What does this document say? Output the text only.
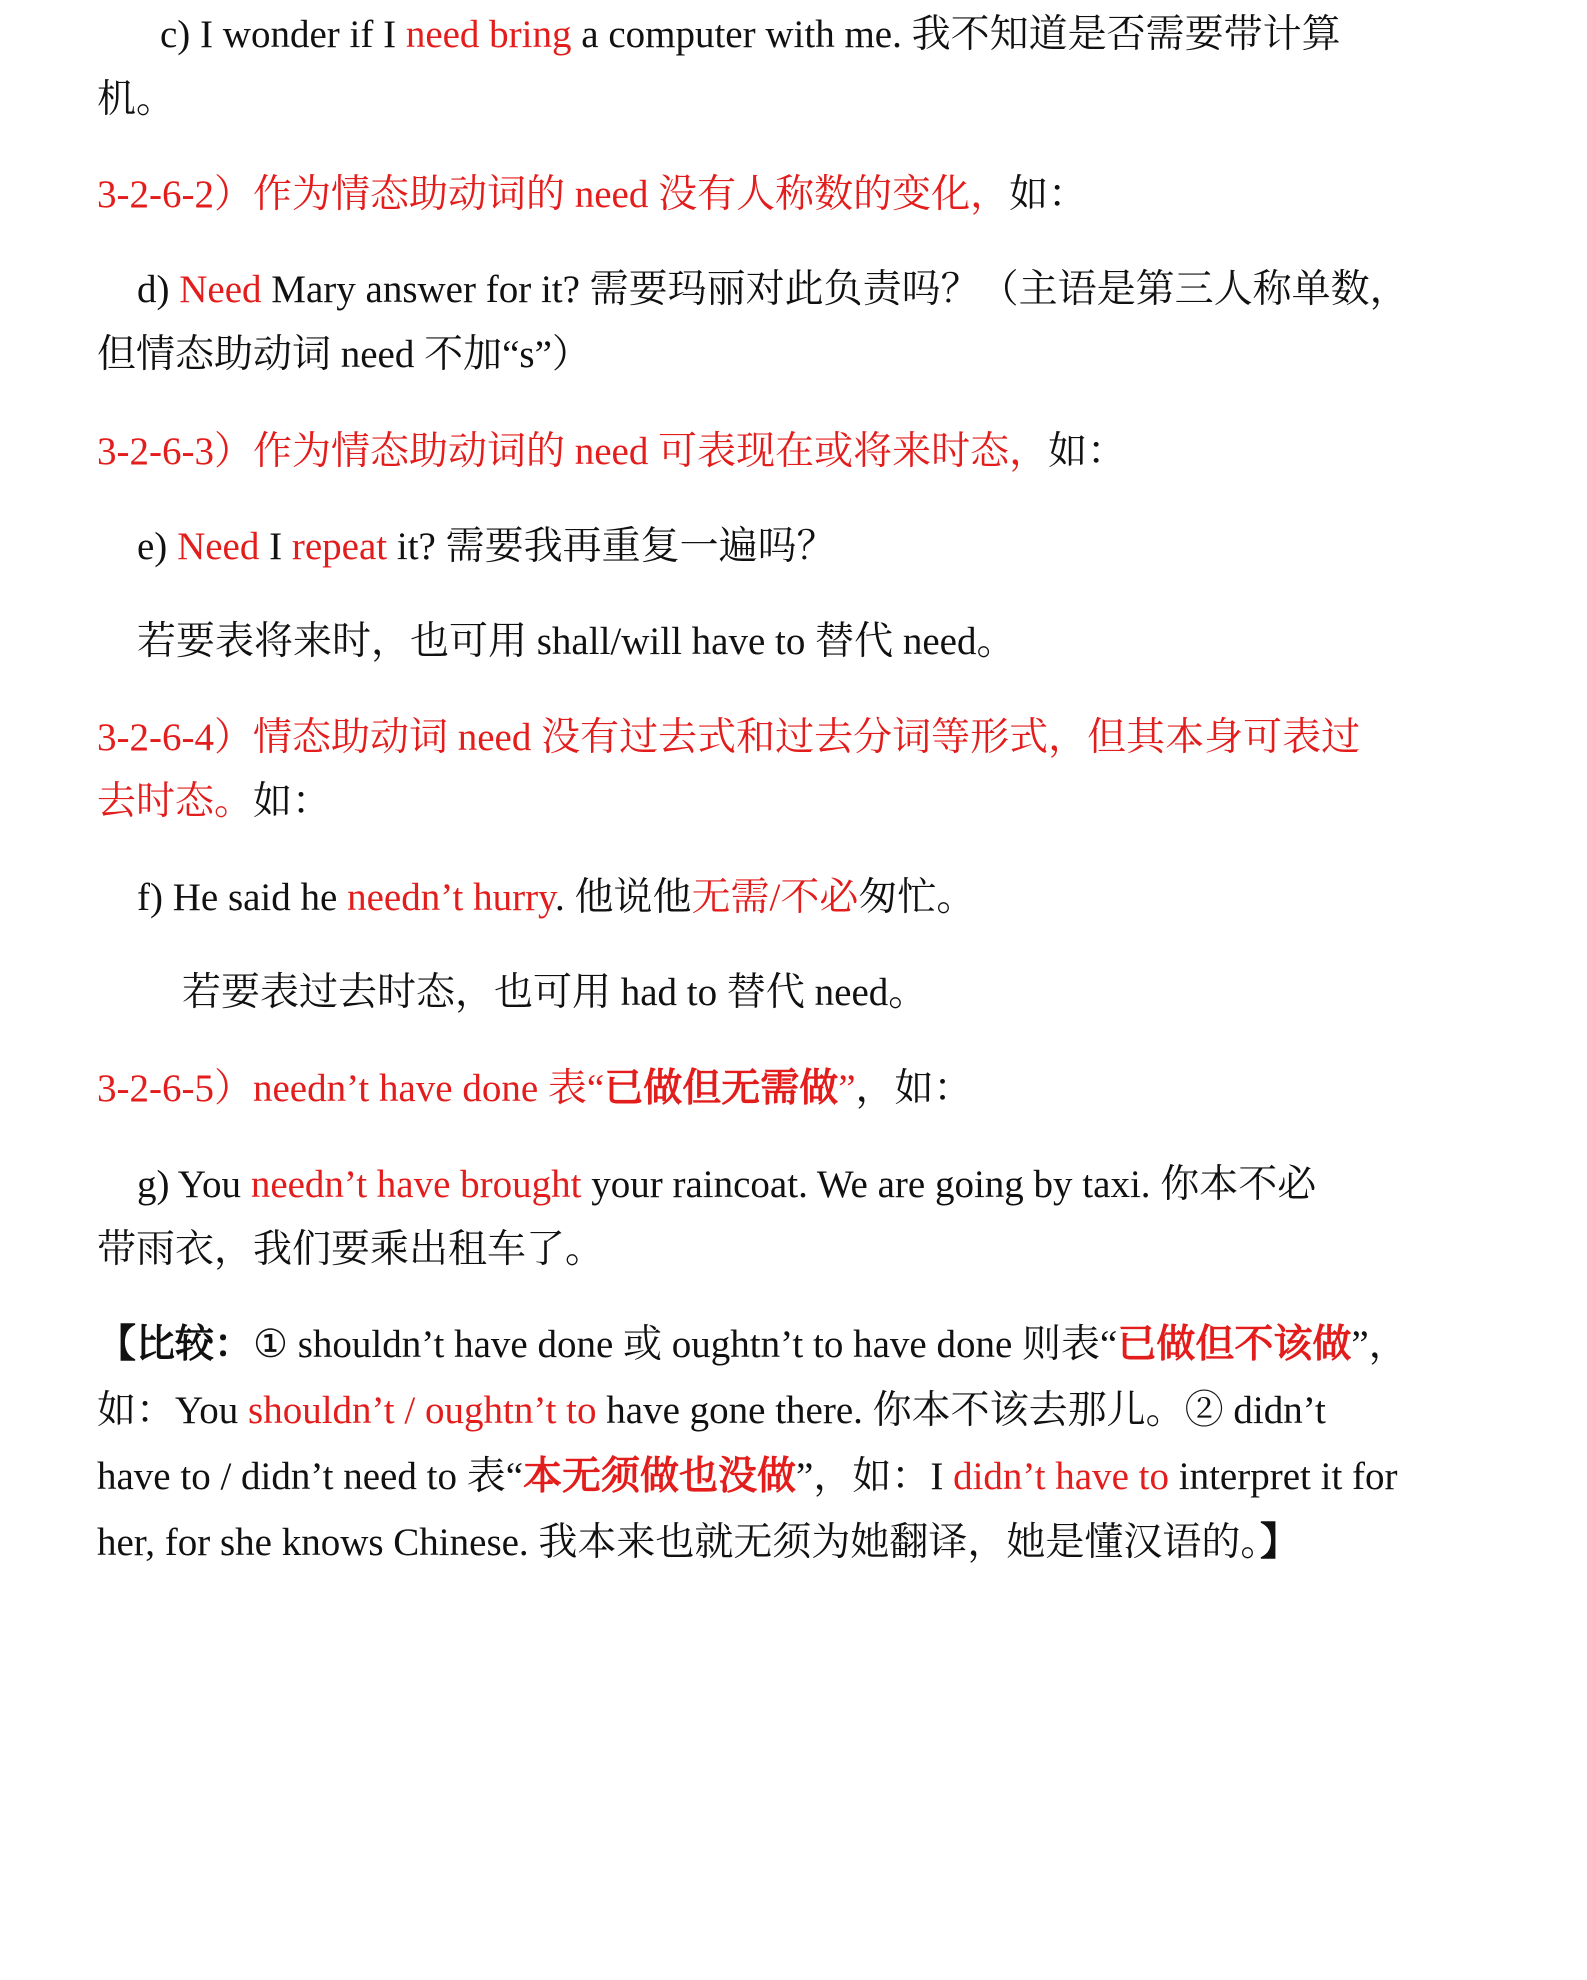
c) I wonder if I need bring a computer with me. 我不知道是否需要带计算
机。
3-2-6-2）作为情态助动词的 need 没有人称数的变化，如：
d) Need Mary answer for it? 需要玛丽对此负责吗？（主语是第三人称单数，
但情态助动词 need 不加“s”）
3-2-6-3）作为情态助动词的 need 可表现在或将来时态，如：
e) Need I repeat it? 需要我再重复一遍吗？
若要表将来时，也可用 shall/will have to 替代 need。
3-2-6-4）情态助动词 need 没有过去式和过去分词等形式，但其本身可表过
去时态。如：
f) He said he needn’t hurry. 他说他无需/不必匆忙。
若要表过去时态，也可用 had to 替代 need。
3-2-6-5）needn’t have done 表“已做但无需做”，如：
g) You needn’t have brought your raincoat. We are going by taxi. 你本不必
带雨衣，我们要乘出租车了。
【比较：① shouldn’t have done 或 oughtn’t to have done 则表“已做但不该做”，
如：You shouldn’t / oughtn’t to have gone there. 你本不该去那儿。② didn’t
have to / didn’t need to 表“本无须做也没做”，如：I didn’t have to interpret it for
her, for she knows Chinese. 我本来也就无须为她翻译，她是懂汉语的。】
